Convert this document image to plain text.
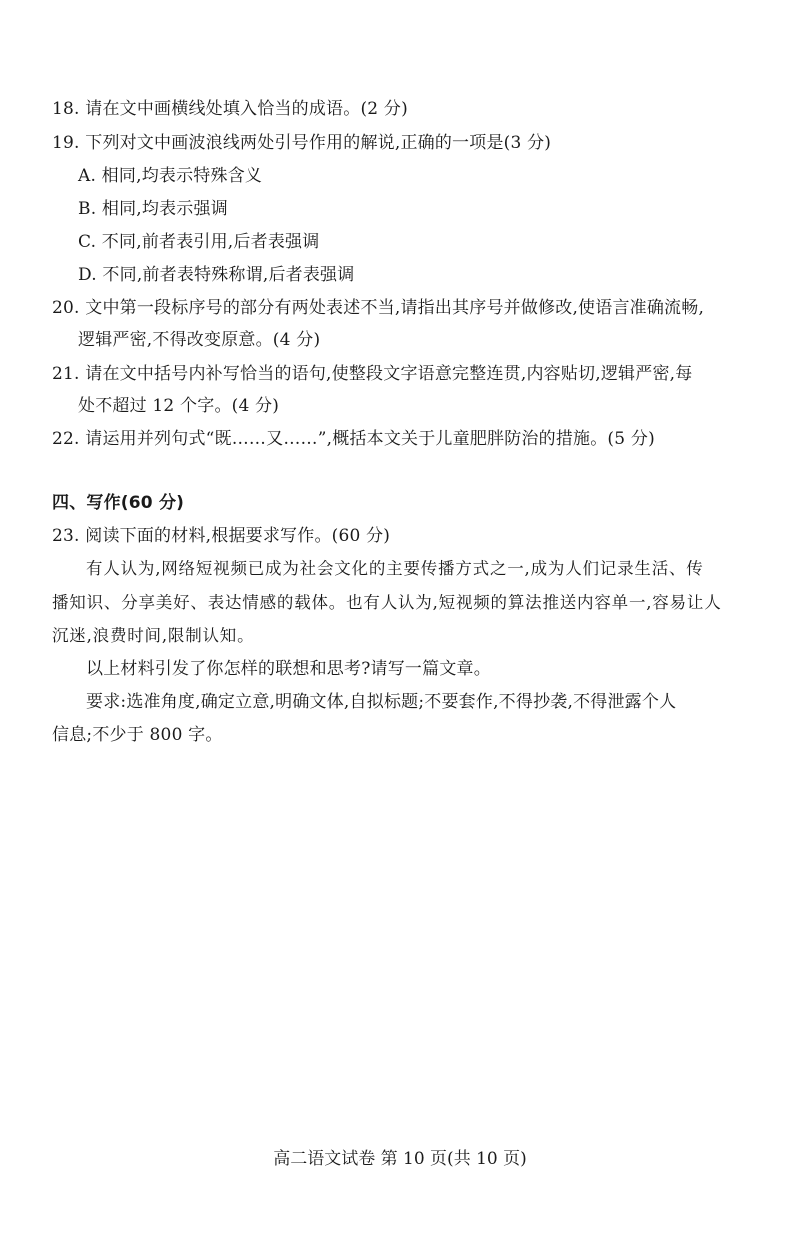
18. 请在文中画横线处填入恰当的成语。(2 分)
19. 下列对文中画波浪线两处引号作用的解说,正确的一项是(3 分)
A. 相同,均表示特殊含义
B. 相同,均表示强调
C. 不同,前者表引用,后者表强调
D. 不同,前者表特殊称谓,后者表强调
20. 文中第一段标序号的部分有两处表述不当,请指出其序号并做修改,使语言准确流畅,
逻辑严密,不得改变原意。(4 分)
21. 请在文中括号内补写恰当的语句,使整段文字语意完整连贯,内容贴切,逻辑严密,每
处不超过 12 个字。(4 分)
22. 请运用并列句式“既……又……”,概括本文关于儿童肥胖防治的措施。(5 分)
四、写作(60 分)
23. 阅读下面的材料,根据要求写作。(60 分)
有人认为,网络短视频已成为社会文化的主要传播方式之一,成为人们记录生活、传
播知识、分享美好、表达情感的载体。也有人认为,短视频的算法推送内容单一,容易让人
沉迷,浪费时间,限制认知。
以上材料引发了你怎样的联想和思考?请写一篇文章。
要求:选准角度,确定立意,明确文体,自拟标题;不要套作,不得抄袭,不得泄露个人
信息;不少于 800 字。
高二语文试卷 第 10 页(共 10 页)
